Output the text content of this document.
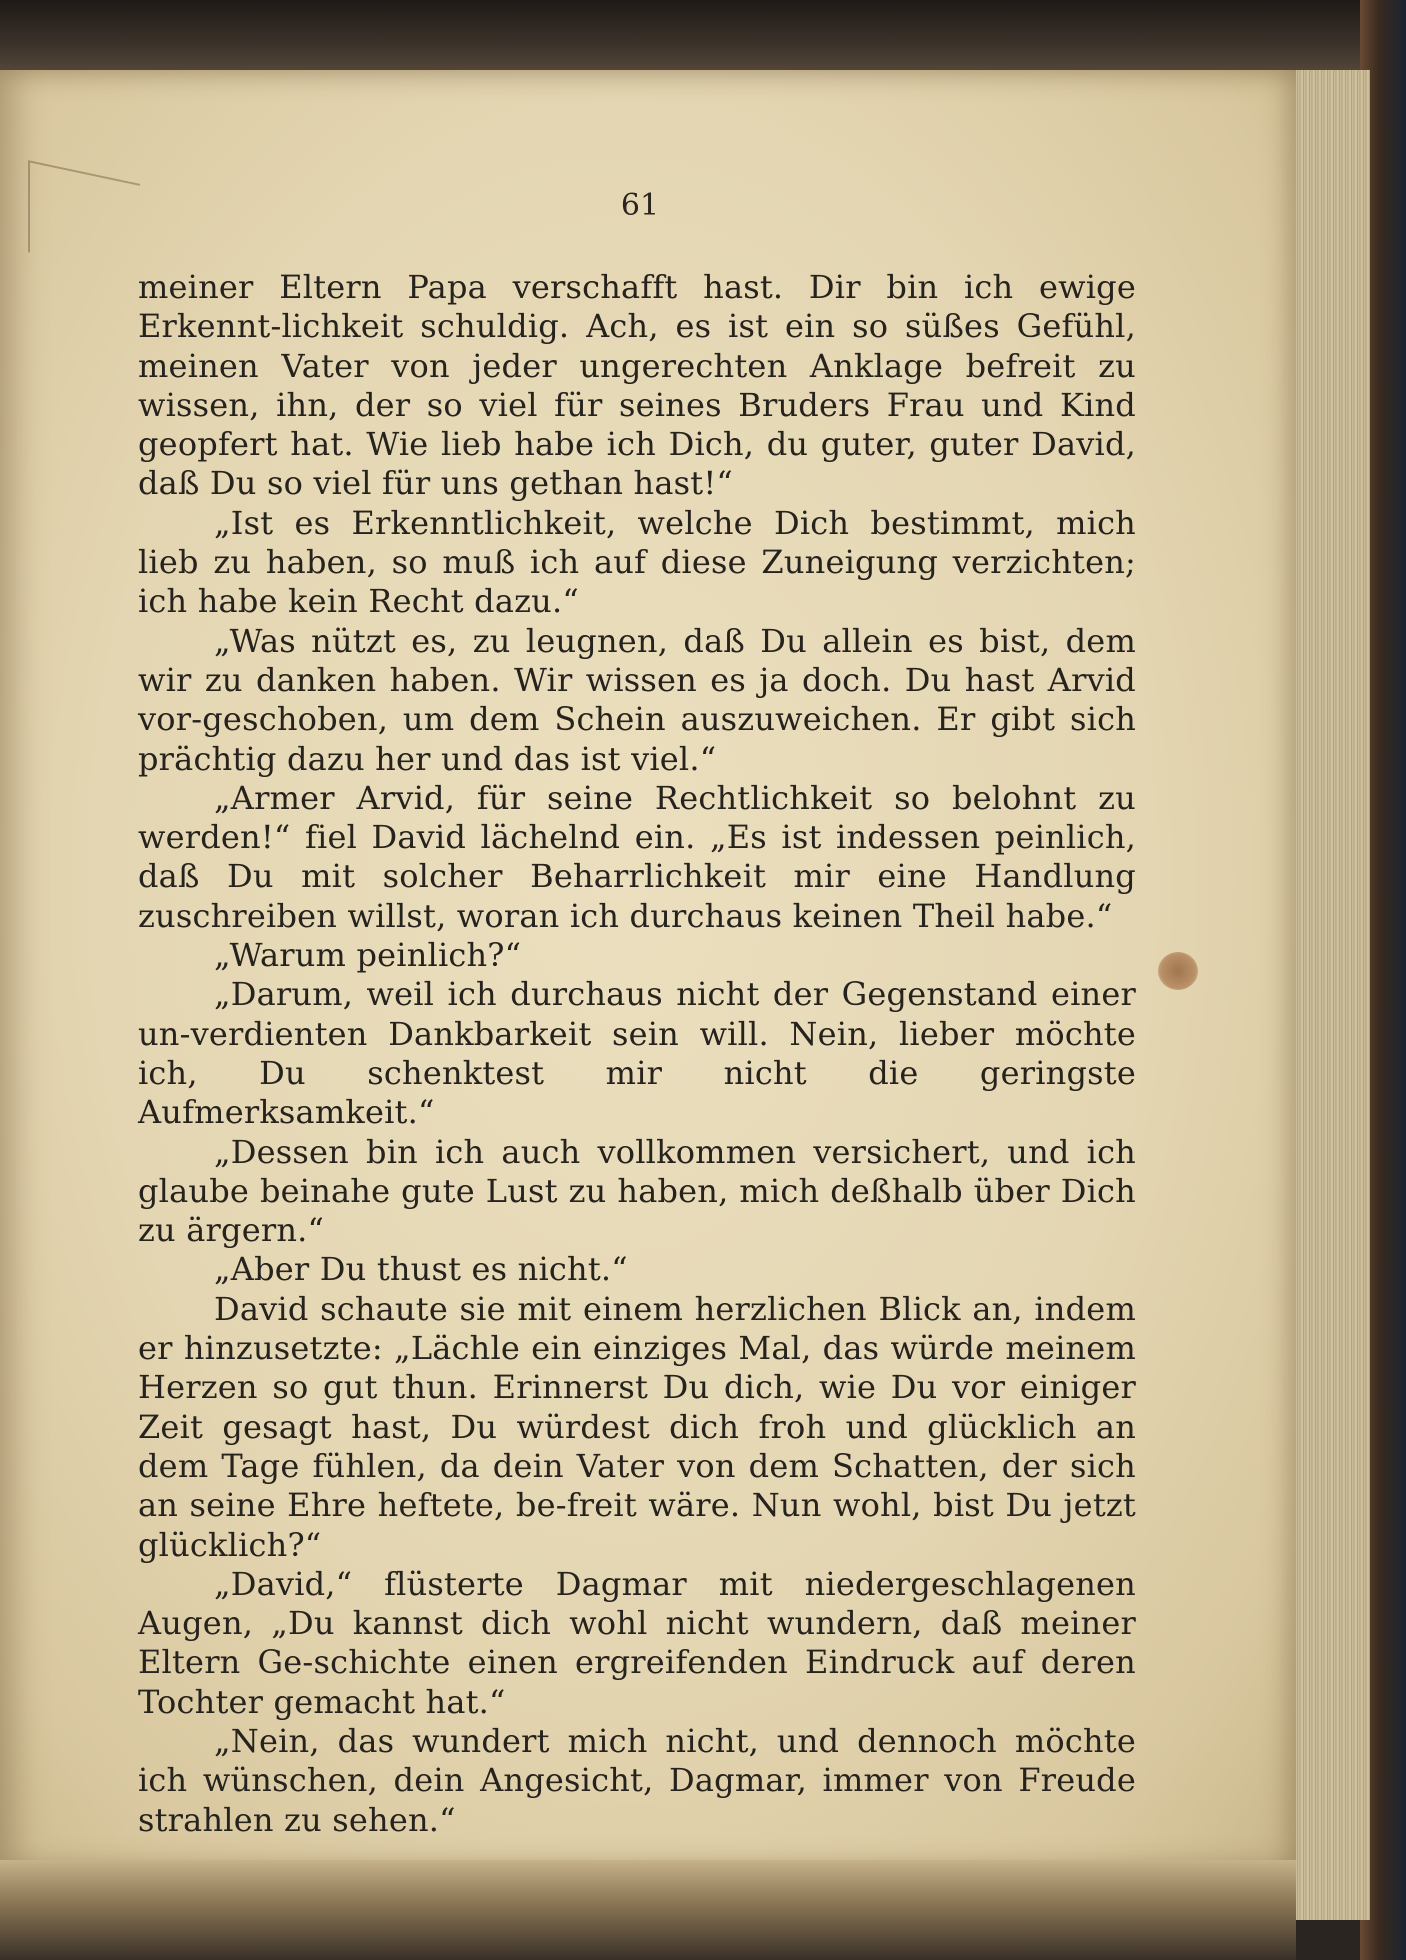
61

meiner Eltern Papa verschafft hast. Dir bin ich ewige Erkennt-lichkeit schuldig. Ach, es ist ein so süßes Gefühl, meinen Vater von jeder ungerechten Anklage befreit zu wissen, ihn, der so viel für seines Bruders Frau und Kind geopfert hat. Wie lieb habe ich Dich, du guter, guter David, daß Du so viel für uns gethan hast!“

„Ist es Erkenntlichkeit, welche Dich bestimmt, mich lieb zu haben, so muß ich auf diese Zuneigung verzichten; ich habe kein Recht dazu.“

„Was nützt es, zu leugnen, daß Du allein es bist, dem wir zu danken haben. Wir wissen es ja doch. Du hast Arvid vor-geschoben, um dem Schein auszuweichen. Er gibt sich prächtig dazu her und das ist viel.“

„Armer Arvid, für seine Rechtlichkeit so belohnt zu werden!“ fiel David lächelnd ein. „Es ist indessen peinlich, daß Du mit solcher Beharrlichkeit mir eine Handlung zuschreiben willst, woran ich durchaus keinen Theil habe.“

„Warum peinlich?“

„Darum, weil ich durchaus nicht der Gegenstand einer un-verdienten Dankbarkeit sein will. Nein, lieber möchte ich, Du schenktest mir nicht die geringste Aufmerksamkeit.“

„Dessen bin ich auch vollkommen versichert, und ich glaube beinahe gute Lust zu haben, mich deßhalb über Dich zu ärgern.“

„Aber Du thust es nicht.“

David schaute sie mit einem herzlichen Blick an, indem er hinzusetzte: „Lächle ein einziges Mal, das würde meinem Herzen so gut thun. Erinnerst Du dich, wie Du vor einiger Zeit gesagt hast, Du würdest dich froh und glücklich an dem Tage fühlen, da dein Vater von dem Schatten, der sich an seine Ehre heftete, be-freit wäre. Nun wohl, bist Du jetzt glücklich?“

„David,“ flüsterte Dagmar mit niedergeschlagenen Augen, „Du kannst dich wohl nicht wundern, daß meiner Eltern Ge-schichte einen ergreifenden Eindruck auf deren Tochter gemacht hat.“

„Nein, das wundert mich nicht, und dennoch möchte ich wünschen, dein Angesicht, Dagmar, immer von Freude strahlen zu sehen.“
